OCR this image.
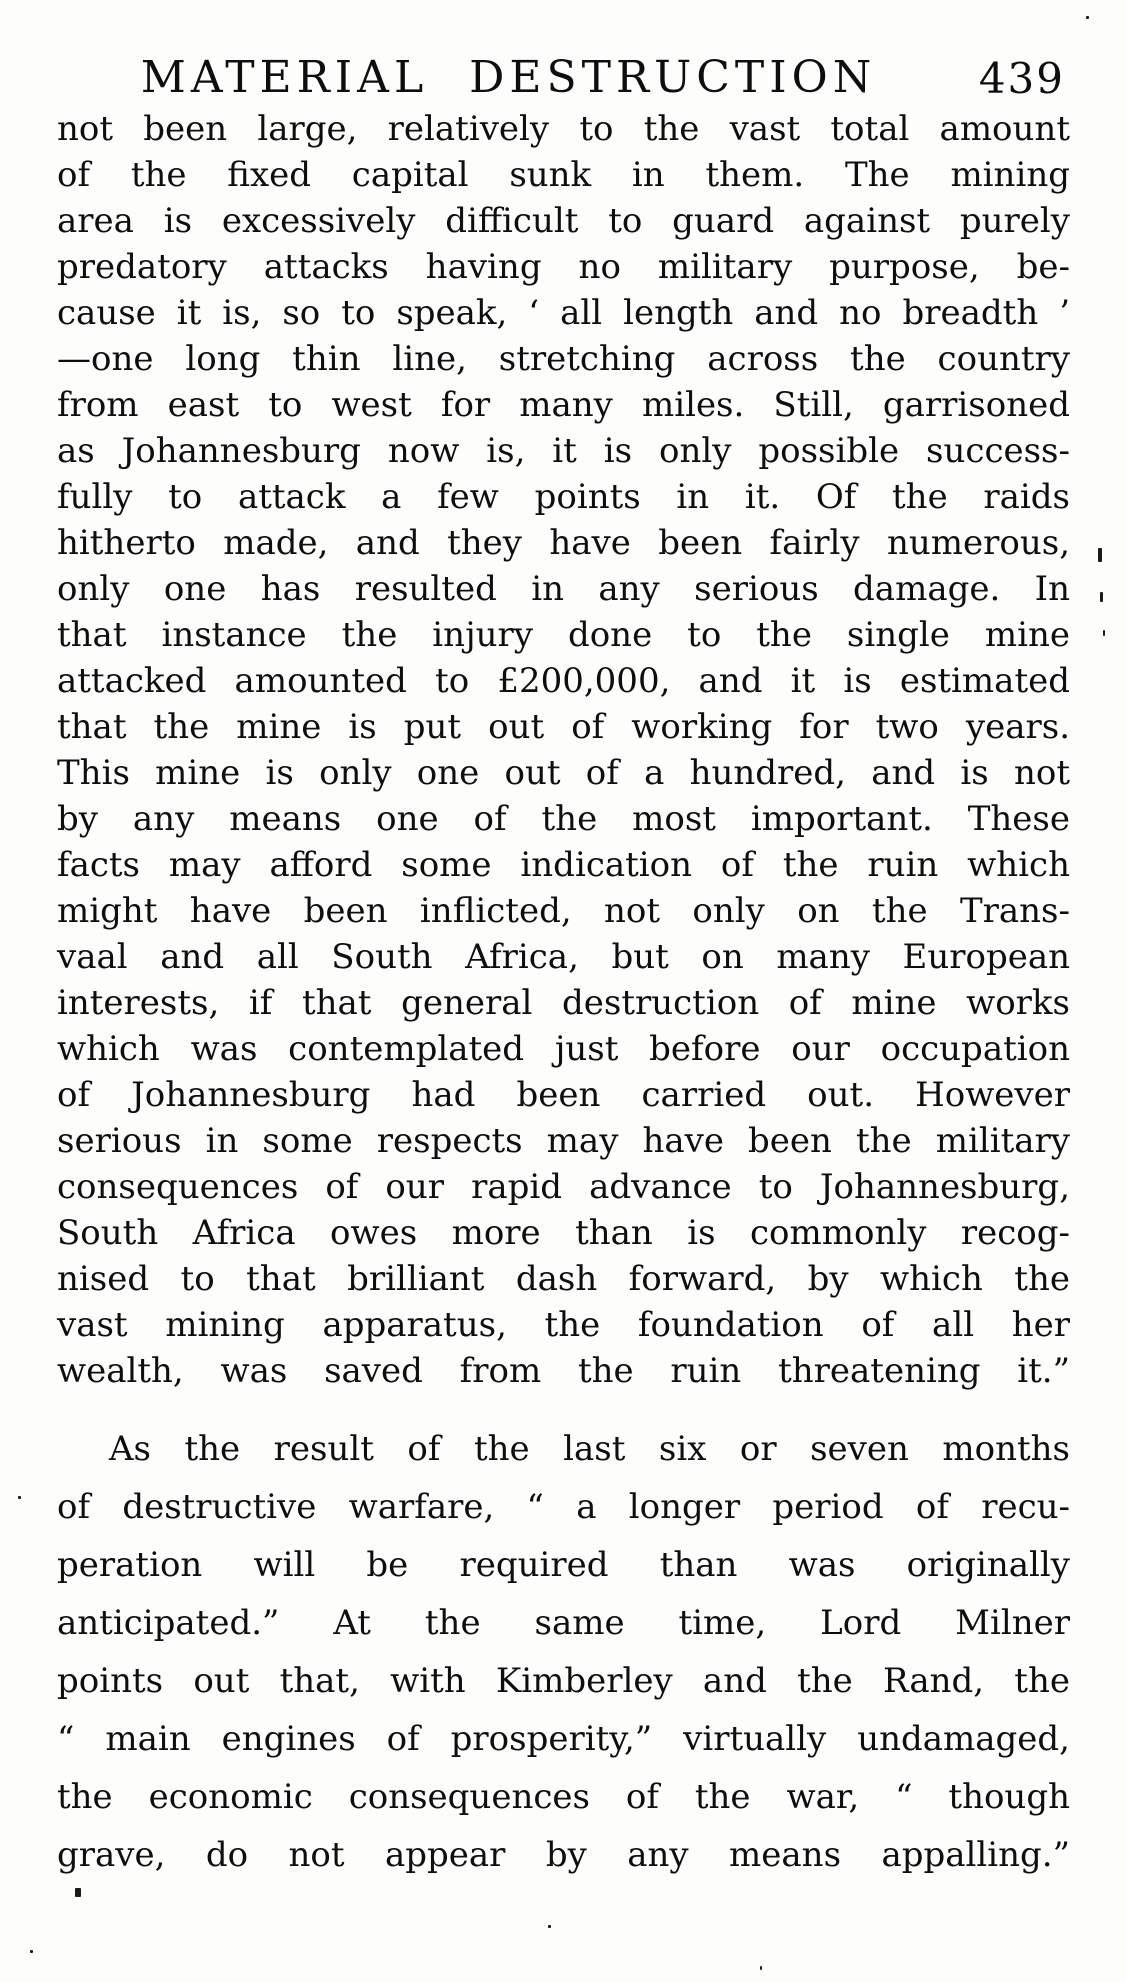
MATERIAL DESTRUCTION	439
not been large, relatively to the vast total amount
of the fixed capital sunk in them. The mining
area is excessively difficult to guard against purely
predatory attacks having no military purpose, be-
cause it is, so to speak, ‘ all length and no breadth ’
—one long thin line, stretching across the country
from east to west for many miles. Still, garrisoned
as Johannesburg now is, it is only possible success-
fully to attack a few points in it. Of the raids
hitherto made, and they have been fairly numerous,
only one has resulted in any serious damage. In
that instance the injury done to the single mine
attacked amounted to £200,000, and it is estimated
that the mine is put out of working for two years.
This mine is only one out of a hundred, and is not
by any means one of the most important. These
facts may afford some indication of the ruin which
might have been inflicted, not only on the Trans-
vaal and all South Africa, but on many European
interests, if that general destruction of mine works
which was contemplated just before our occupation
of Johannesburg had been carried out. However
serious in some respects may have been the military
consequences of our rapid advance to Johannesburg,
South Africa owes more than is commonly recog-
nised to that brilliant dash forward, by which the
vast mining apparatus, the foundation of all her
wealth, was saved from the ruin threatening it.”
As the result of the last six or seven months
of destructive warfare, “ a longer period of recu-
peration will be required than was originally
anticipated.” At the same time, Lord Milner
points out that, with Kimberley and the Rand, the
“ main engines of prosperity,” virtually undamaged,
the economic consequences of the war, “ though
grave, do not appear by any means appalling.”
